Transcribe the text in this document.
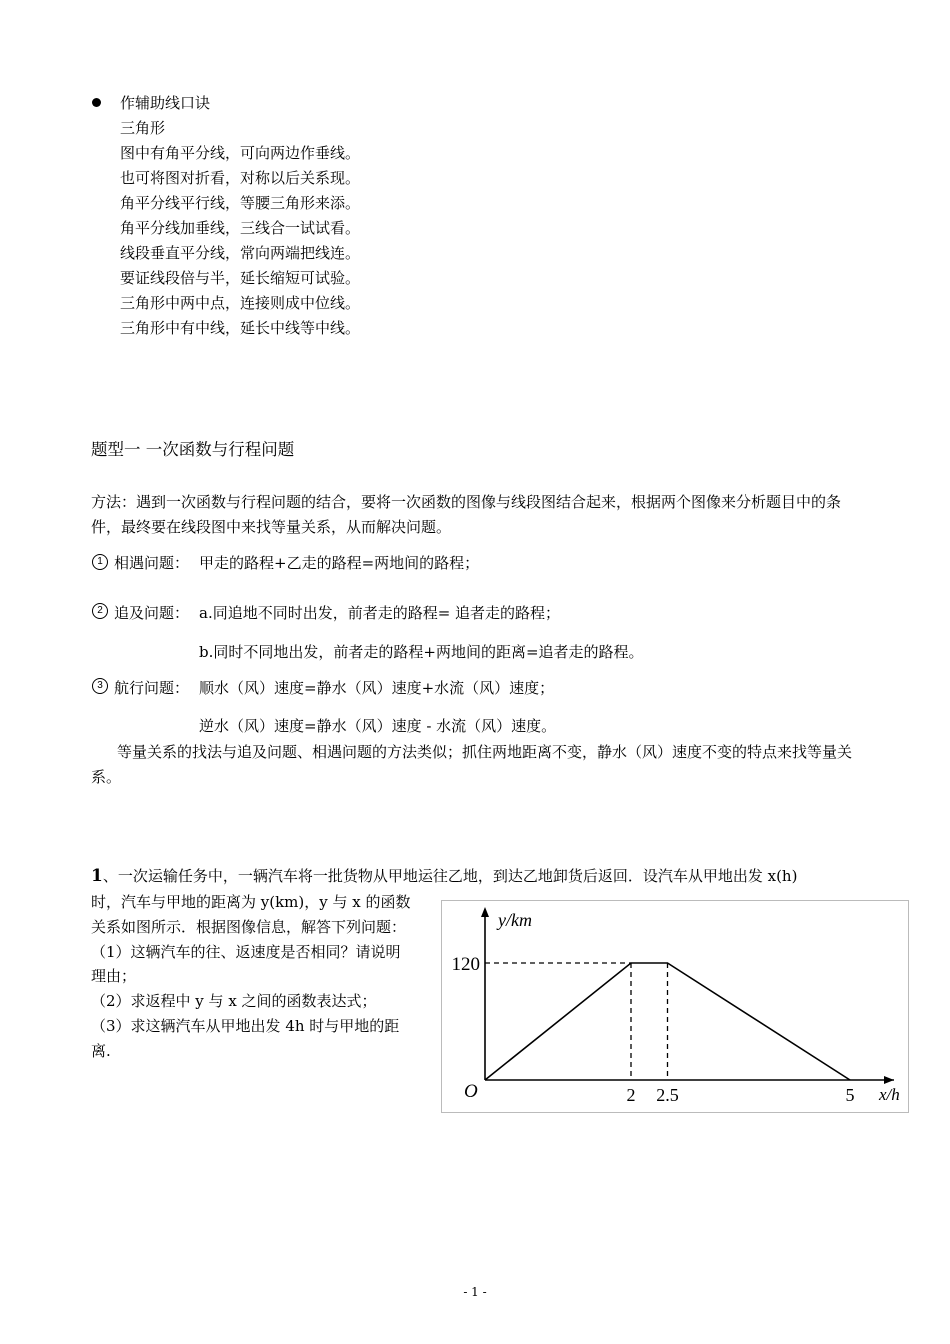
作辅助线口诀
三角形
图中有角平分线，可向两边作垂线。
也可将图对折看，对称以后关系现。
角平分线平行线，等腰三角形来添。
角平分线加垂线，三线合一试试看。
线段垂直平分线，常向两端把线连。
要证线段倍与半，延长缩短可试验。
三角形中两中点，连接则成中位线。
三角形中有中线，延长中线等中线。
题型一 一次函数与行程问题
方法：遇到一次函数与行程问题的结合，要将一次函数的图像与线段图结合起来，根据两个图像来分析题目中的条件，最终要在线段图中来找等量关系，从而解决问题。
1 相遇问题： 甲走的路程+乙走的路程=两地间的路程；
2 追及问题： a.同追地不同时出发，前者走的路程= 追者走的路程；
b.同时不同地出发，前者走的路程+两地间的距离=追者走的路程。
3 航行问题： 顺水（风）速度=静水（风）速度+水流（风）速度；
逆水（风）速度=静水（风）速度 - 水流（风）速度。
等量关系的找法与追及问题、相遇问题的方法类似；抓住两地距离不变，静水（风）速度不变的特点来找等量关系。
1、一次运输任务中，一辆汽车将一批货物从甲地运往乙地，到达乙地卸货后返回．设汽车从甲地出发 x(h)
时，汽车与甲地的距离为 y(km)，y 与 x 的函数
关系如图所示．根据图像信息，解答下列问题：
（1）这辆汽车的往、返速度是否相同？请说明
理由；
（2）求返程中 y 与 x 之间的函数表达式；
（3）求这辆汽车从甲地出发 4h 时与甲地的距
离.
y/km
x/h
O
120
2 2.5	5
- 1 -
